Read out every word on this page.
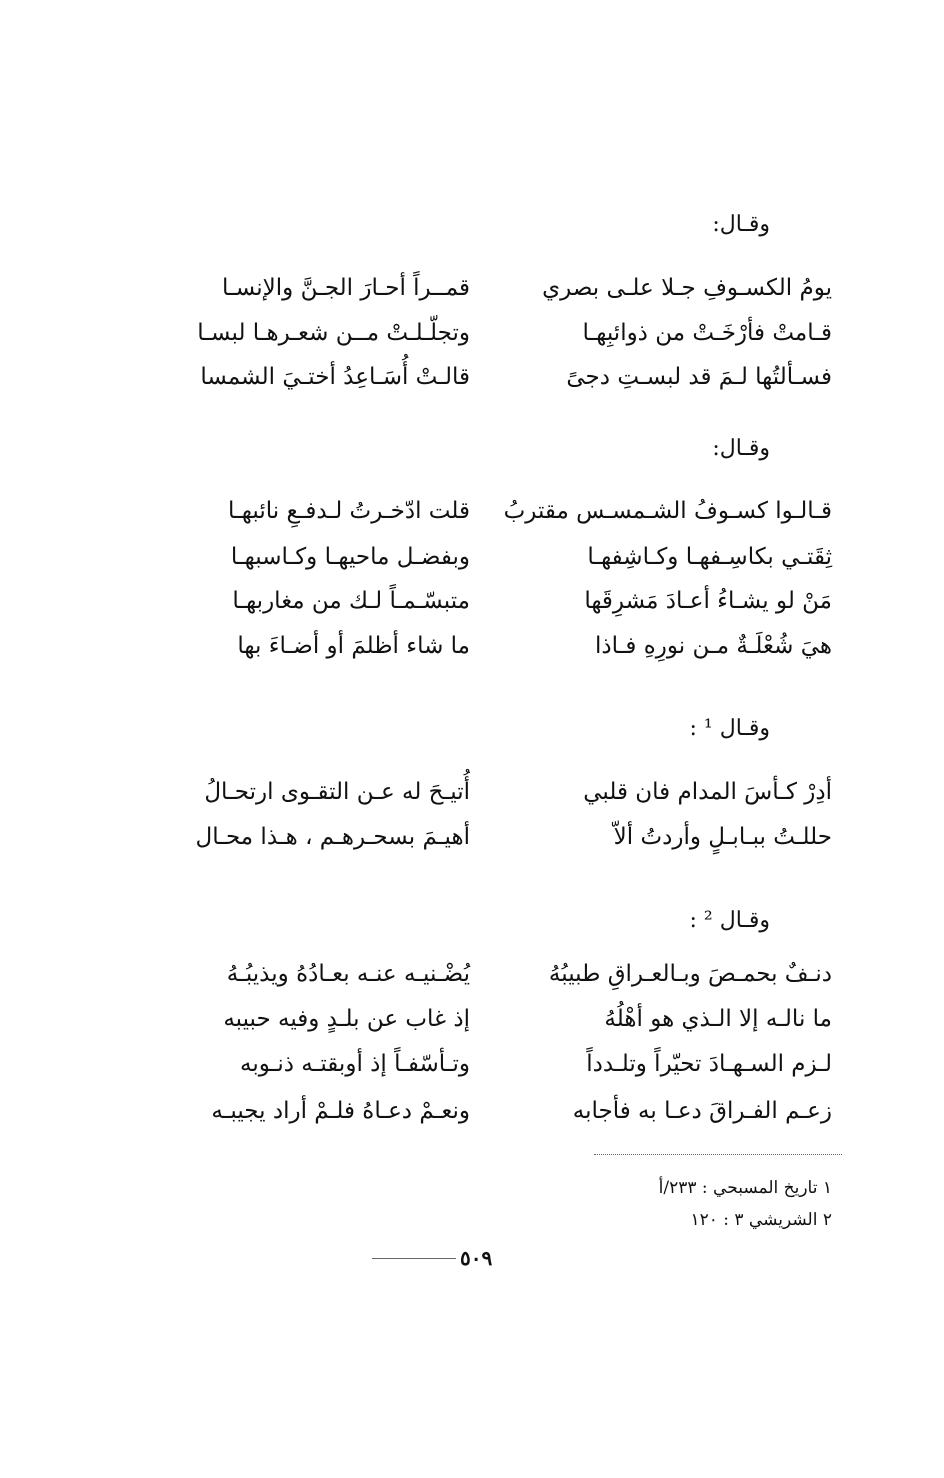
وقـال:
يومُ الكسـوفِ جـلا علـى بصري
قمــراً أحـارَ الجـنَّ والإنسـا
قـامتْ فأرْخَـتْ من ذوائبِهـا
وتجلّـلـتْ مــن شعـرهـا لبسـا
فسـألتُها لـمَ قد لبسـتِ دجىً
قالـتْ أُسَـاعِدُ أختـيَ الشمسا
وقـال:
قـالـوا كسـوفُ الشـمسـس مقتربُ
قلت ادّخـرتُ لـدفـعِ نائبهـا
ثِقَتـي بكاسِـفهـا وكـاشِفهـا
وبفضـل ماحيهـا وكـاسبهـا
مَنْ لو يشـاءُ أعـادَ مَشرِقَها
متبسّـمـاً لـك من مغاربهـا
هيَ شُعْلَـةٌ مـن نورِهِ فـاذا
ما شاء أظلمَ أو أضـاءَ بها
وقـال ¹ :
أدِرْ كـأسَ المدام فان قلبي
أُتيـحَ له عـن التقـوى ارتحـالُ
حللـتُ ببـابـلٍ وأردتُ ألاّ
أهيـمَ بسحـرهـم ، هـذا محـال
وقـال ² :
دنـفٌ بحمـصَ وبـالعـراقِ طبيبُهُ
يُضْـنيـه عنـه بعـادُهُ ويذيبُـهُ
ما نالـه إلا الـذي هو أهْلُهُ
إذ غاب عن بلـدٍ وفيه حبيبه
لـزم السـهـادَ تحيّراً وتلـدداً
وتـأسّفـاً إذ أوبقتـه ذنـوبه
زعـم الفـراقَ دعـا به فأجابه
ونعـمْ دعـاهُ فلـمْ أراد يجيبـه
١ تاريخ المسبحي : ٢٣٣/أ
٢ الشريشي ٣ : ١٢٠
٥٠٩
